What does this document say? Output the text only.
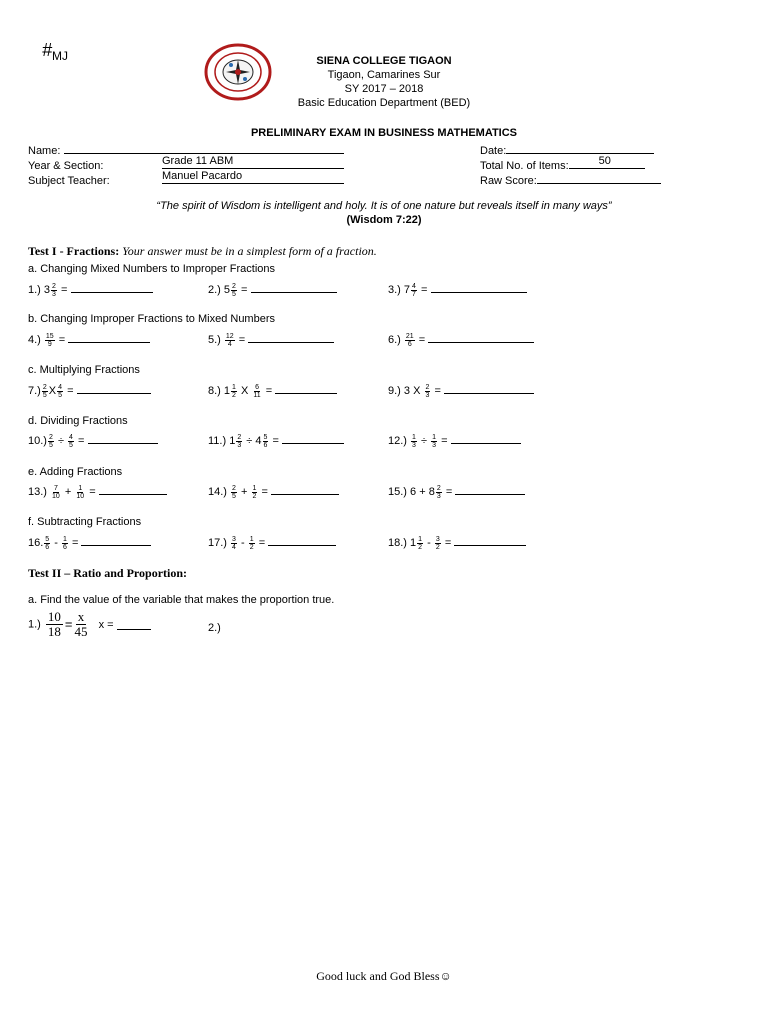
$\#_{MJ}$	SIENA COLLEGE TIGAON
Tigaon, Camarines Sur
SY 2017 – 2018
Basic Education Department (BED)
PRELIMINARY EXAM IN BUSINESS MATHEMATICS
Name:	Date:
Year & Section:	Grade 11 ABM	Total No. of Items:	50
Subject Teacher:	Manuel Pacardo	Raw Score:
“The spirit of Wisdom is intelligent and holy. It is of one nature but reveals itself in many ways”
(Wisdom 7:22)
Test I - Fractions: Your answer must be in a simplest form of a fraction.
a. Changing Mixed Numbers to Improper Fractions
1.) $3 \frac{2}{3}$ =	2.) $5 \frac{2}{5}$ =	3.) $7 \frac{4}{7}$ =
b. Changing Improper Fractions to Mixed Numbers
$4.) \frac{15}{9}$ =	$5.) \frac{12}{4}$ =	$6.) \frac{21}{6}$ =
c. Multiplying Fractions
$7.) \frac{2}{5}$ X $\frac{4}{5}$ =	8.) $1 \frac{1}{2}$ X $\frac{6}{11}$ =	9.) 3 X $\frac{2}{3}$ =
d. Dividing Fractions
$10.) \frac{2}{5} \div \frac{4}{5}$ =	11.) $1 \frac{2}{3} \div 4 \frac{5}{6}$ =	$12.) \frac{1}{3} \div \frac{1}{3}$ =
e. Adding Fractions
$13.) \frac{7}{10} + \frac{1}{10}$ =	$14.) \frac{2}{5} + \frac{1}{2}$ =	15.) $6 + 8 \frac{2}{3}$ =
f. Subtracting Fractions
16. $\frac{5}{6} - \frac{1}{6}$ =	$17.) \frac{3}{4} - \frac{1}{2}$ =	18.) $1 \frac{1}{2} - \frac{3}{2}$ =
Test II – Ratio and Proportion:
a. Find the value of the variable that makes the proportion true.
$1.) \frac{10}{18} = \frac{x}{45}$ x =	2.)
Good luck and God Bless☺
